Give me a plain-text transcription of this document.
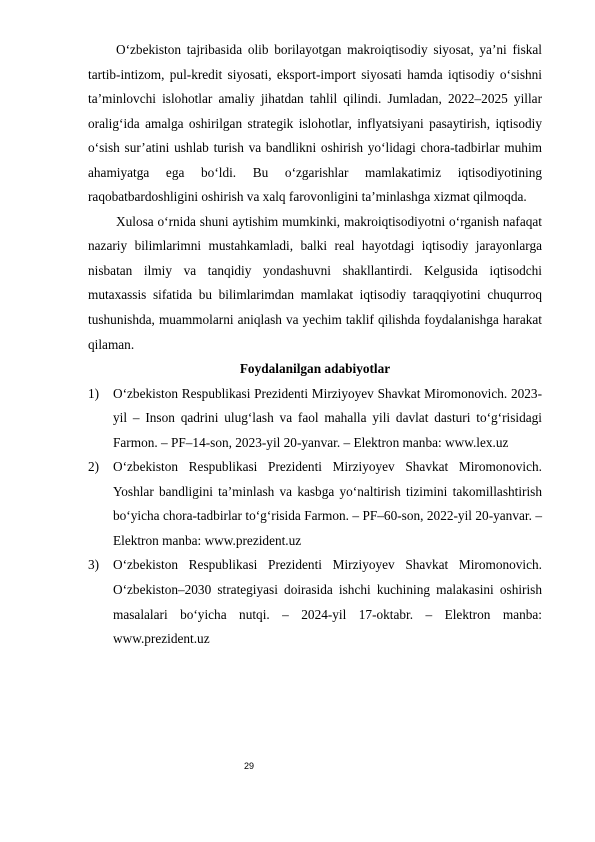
O‘zbekiston tajribasida olib borilayotgan makroiqtisodiy siyosat, ya’ni fiskal tartib-intizom, pul-kredit siyosati, eksport-import siyosati hamda iqtisodiy o‘sishni ta’minlovchi islohotlar amaliy jihatdan tahlil qilindi. Jumladan, 2022–2025 yillar oralig‘ida amalga oshirilgan strategik islohotlar, inflyatsiyani pasaytirish, iqtisodiy o‘sish sur’atini ushlab turish va bandlikni oshirish yo‘lidagi chora-tadbirlar muhim ahamiyatga ega bo‘ldi. Bu o‘zgarishlar mamlakatimiz iqtisodiyotining raqobatbardoshligini oshirish va xalq farovonligini ta’minlashga xizmat qilmoqda.

Xulosa o‘rnida shuni aytishim mumkinki, makroiqtisodiyotni o‘rganish nafaqat nazariy bilimlarimni mustahkamladi, balki real hayotdagi iqtisodiy jarayonlarga nisbatan ilmiy va tanqidiy yondashuvni shakllantirdi. Kelgusida iqtisodchi mutaxassis sifatida bu bilimlarimdan mamlakat iqtisodiy taraqqiyotini chuqurroq tushunishda, muammolarni aniqlash va yechim taklif qilishda foydalanishga harakat qilaman.

Foydalanilgan adabiyotlar

1)	O‘zbekiston Respublikasi Prezidenti Mirziyoyev Shavkat Miromonovich. 2023-yil – Inson qadrini ulug‘lash va faol mahalla yili davlat dasturi to‘g‘risidagi Farmon. – PF–14-son, 2023-yil 20-yanvar. – Elektron manba: www.lex.uz
2)	O‘zbekiston Respublikasi Prezidenti Mirziyoyev Shavkat Miromonovich. Yoshlar bandligini ta’minlash va kasbga yo‘naltirish tizimini takomillashtirish bo‘yicha chora-tadbirlar to‘g‘risida Farmon. – PF–60-son, 2022-yil 20-yanvar. – Elektron manba: www.prezident.uz
3)	O‘zbekiston Respublikasi Prezidenti Mirziyoyev Shavkat Miromonovich. O‘zbekiston–2030 strategiyasi doirasida ishchi kuchining malakasini oshirish masalalari bo‘yicha nutqi. – 2024-yil 17-oktabr. – Elektron manba: www.prezident.uz
29
